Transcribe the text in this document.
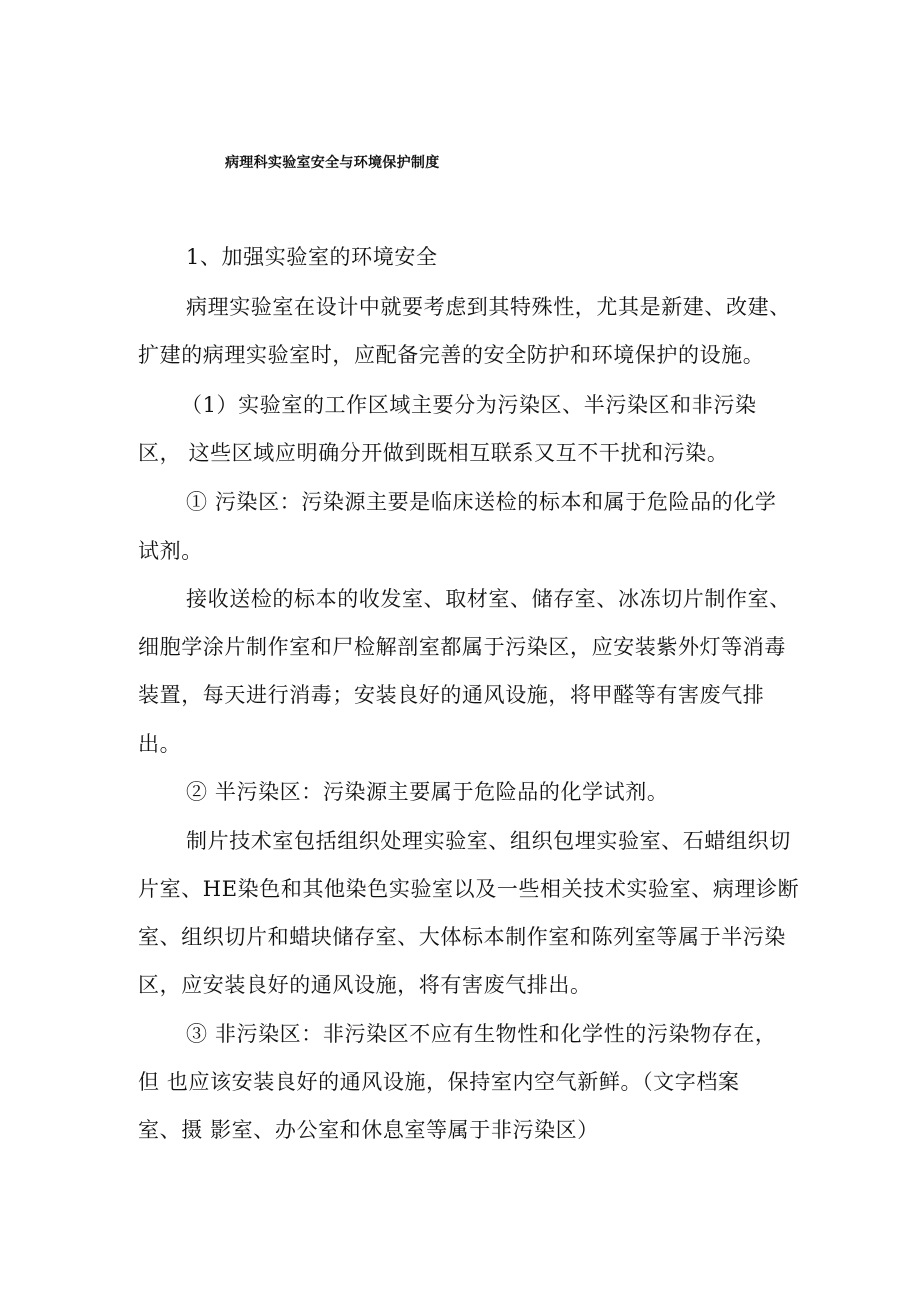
病理科实验室安全与环境保护制度
1、加强实验室的环境安全
病理实验室在设计中就要考虑到其特殊性，尤其是新建、改建、
扩建的病理实验室时，应配备完善的安全防护和环境保护的设施。
（1）实验室的工作区域主要分为污染区、半污染区和非污染
区， 这些区域应明确分开做到既相互联系又互不干扰和污染。
① 污染区：污染源主要是临床送检的标本和属于危险品的化学
试剂。
接收送检的标本的收发室、取材室、储存室、冰冻切片制作室、
细胞学涂片制作室和尸检解剖室都属于污染区，应安装紫外灯等消毒
装置，每天进行消毒；安装良好的通风设施，将甲醛等有害废气排
出。
② 半污染区：污染源主要属于危险品的化学试剂。
制片技术室包括组织处理实验室、组织包埋实验室、石蜡组织切
片室、HE染色和其他染色实验室以及一些相关技术实验室、病理诊断
室、组织切片和蜡块储存室、大体标本制作室和陈列室等属于半污染
区，应安装良好的通风设施，将有害废气排出。
③ 非污染区：非污染区不应有生物性和化学性的污染物存在，
但 也应该安装良好的通风设施，保持室内空气新鲜。（文字档案
室、摄 影室、办公室和休息室等属于非污染区）
